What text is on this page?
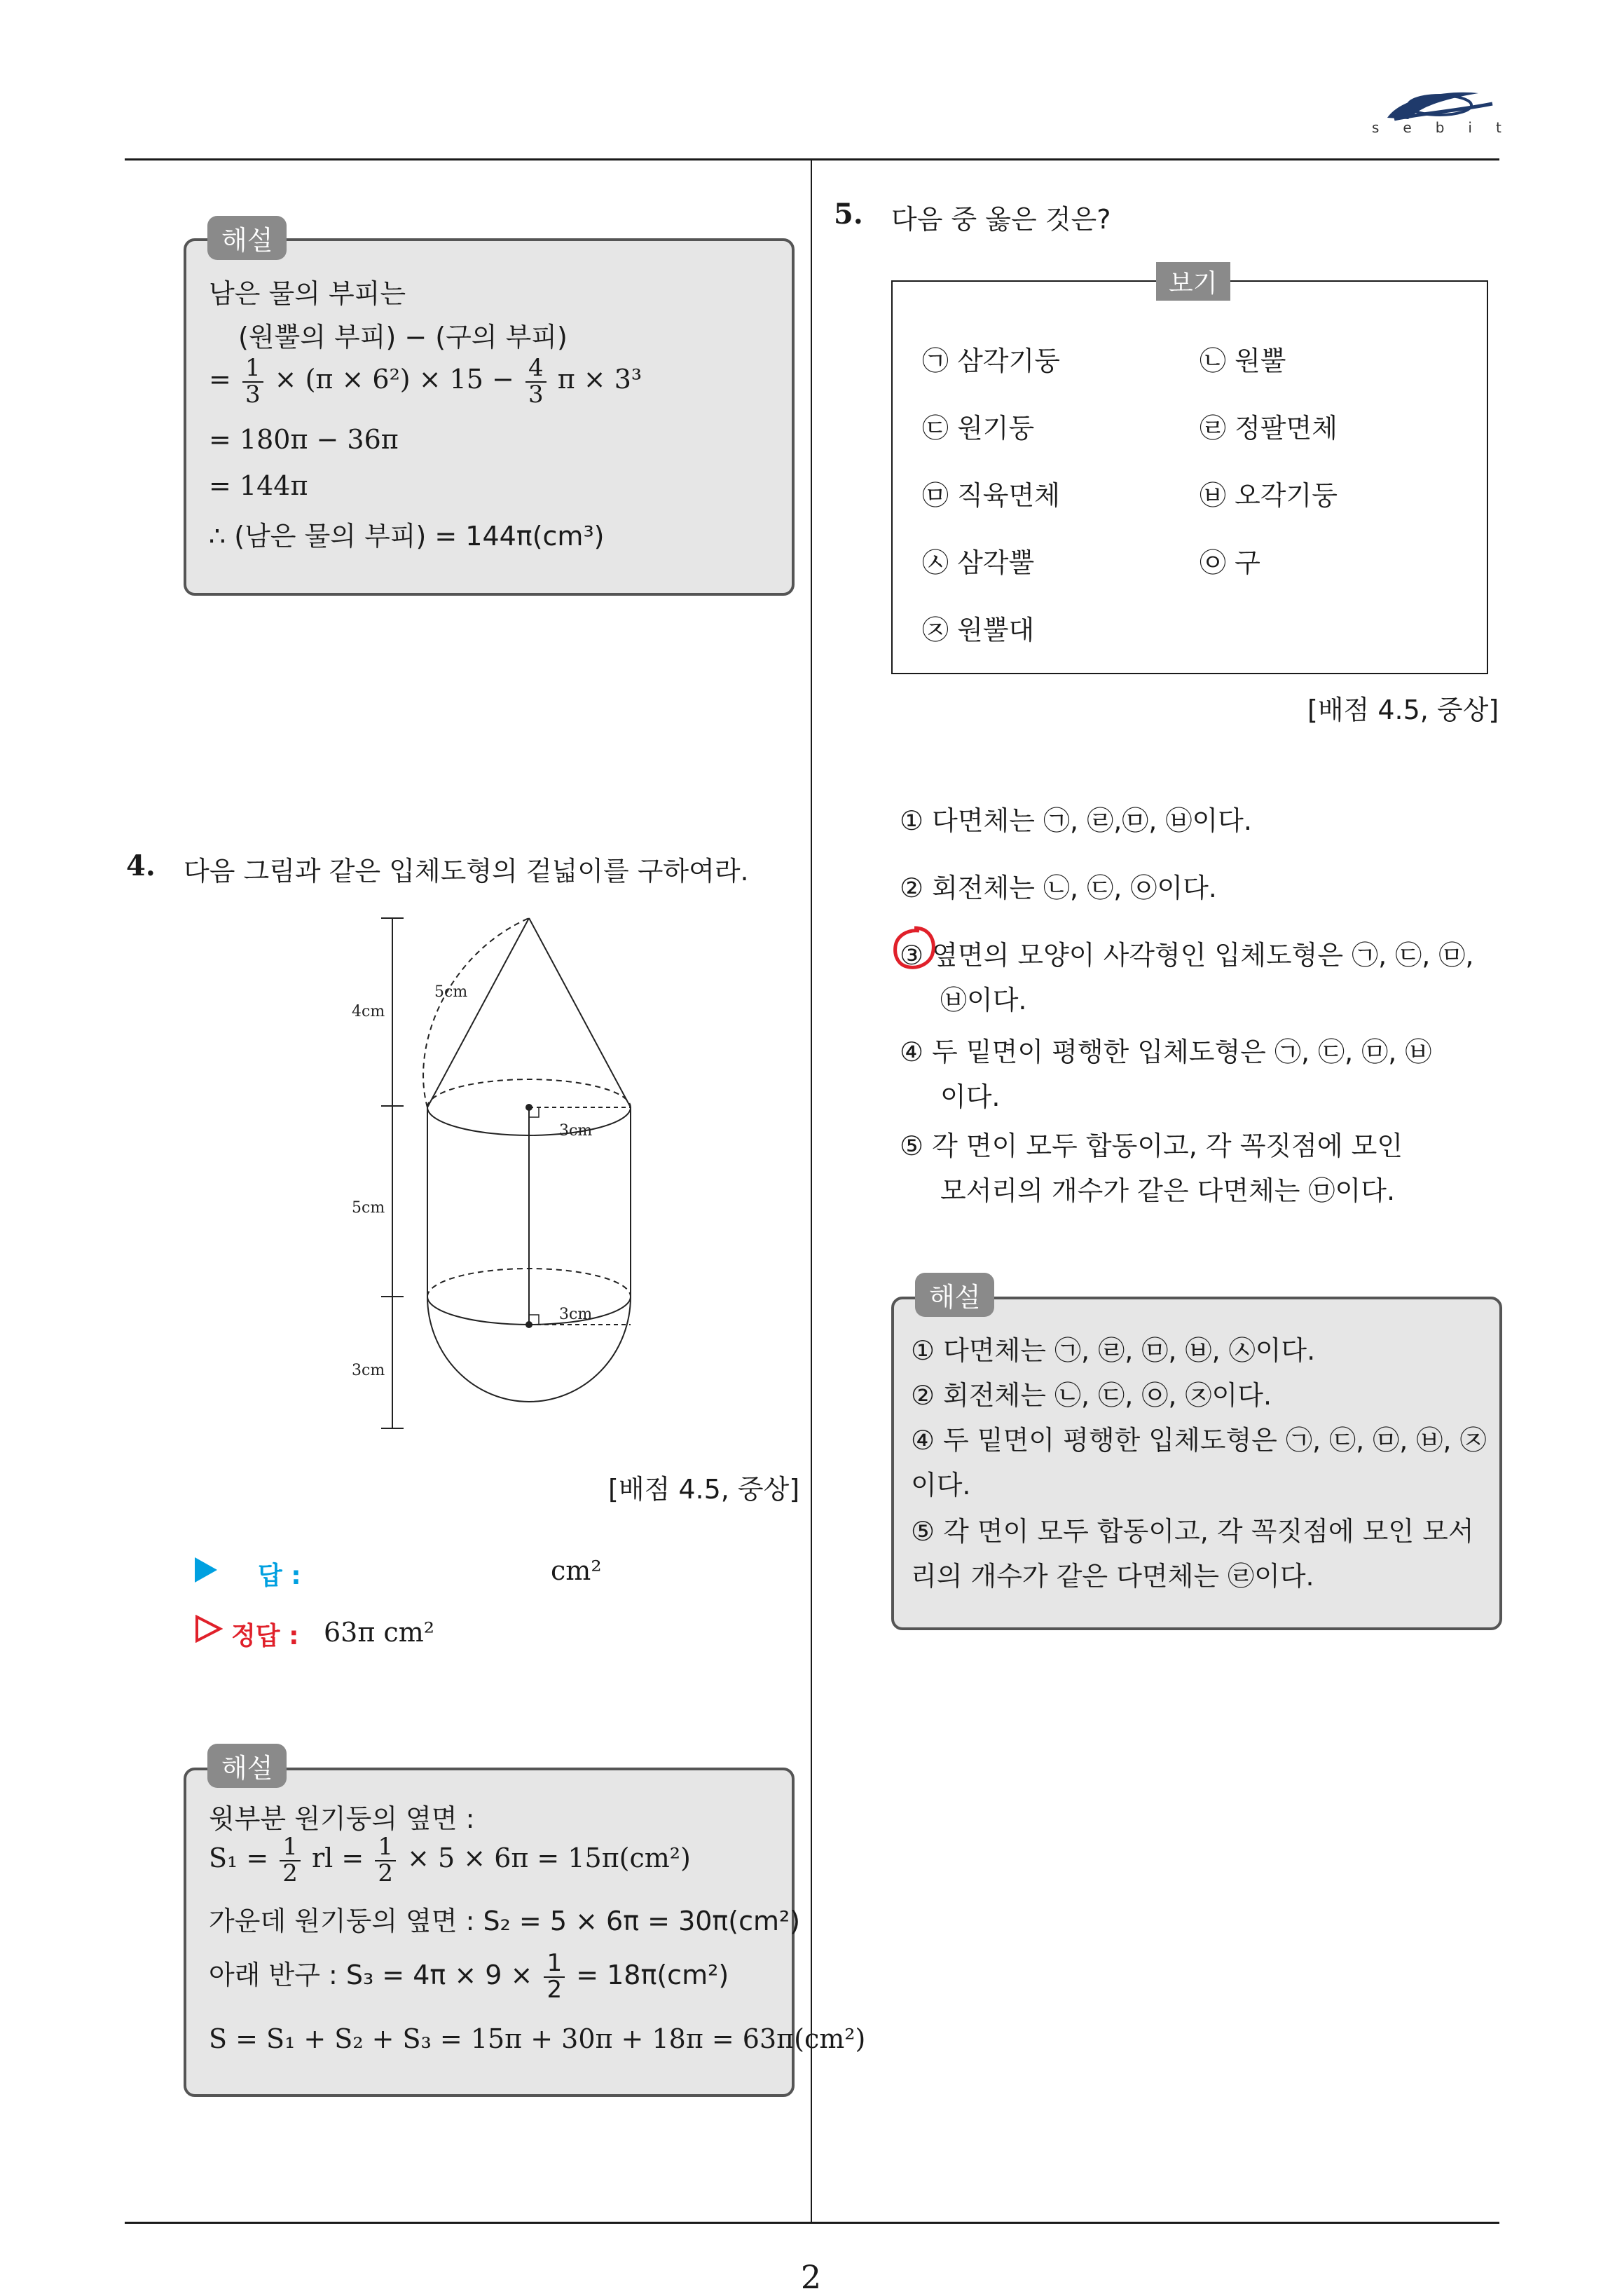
sebit
해설
남은 물의 부피는
(원뿔의 부피) − (구의 부피)
= $\frac{1}{3} \times (\pi \times 6^2) \times 15 - \frac{4}{3}$ π × 3³
= 180π − 36π
= 144π
∴ (남은 물의 부피) = 144π(cm³)
4. 다음 그림과 같은 입체도형의 겉넓이를 구하여라.
4cm
5cm
3cm
5cm
3cm
3cm
[배점 4.5, 중상]
답 :	cm²
정답 : 63π cm²
해설
윗부분 원기둥의 옆면 :
$S_1 = \frac{1}{2}$ rl = $\frac{1}{2} \times 5 \times 6\pi = 15\pi(cm^2)$
가운데 원기둥의 옆면 : S₂ = 5 × 6π = 30π(cm²)
아래 반구 : $S_3 = 4\pi \times 9 \times \frac{1}{2} = 18\pi(cm^2)$
S = S₁ + S₂ + S₃ = 15π + 30π + 18π = 63π(cm²)
5. 다음 중 옳은 것은?
보기
㉠ 삼각기둥	㉡ 원뿔
㉢ 원기둥	㉣ 정팔면체
㉤ 직육면체	㉥ 오각기둥
㉦ 삼각뿔	㉧ 구
㉨ 원뿔대
[배점 4.5, 중상]
① 다면체는 ㉠, ㉣,㉤, ㉥이다.
② 회전체는 ㉡, ㉢, ㉧이다.
③ 옆면의 모양이 사각형인 입체도형은 ㉠, ㉢, ㉤,
㉥이다.
④ 두 밑면이 평행한 입체도형은 ㉠, ㉢, ㉤, ㉥
이다.
⑤ 각 면이 모두 합동이고, 각 꼭짓점에 모인
모서리의 개수가 같은 다면체는 ㉤이다.
해설
① 다면체는 ㉠, ㉣, ㉤, ㉥, ㉦이다.
② 회전체는 ㉡, ㉢, ㉧, ㉨이다.
④ 두 밑면이 평행한 입체도형은 ㉠, ㉢, ㉤, ㉥, ㉨
이다.
⑤ 각 면이 모두 합동이고, 각 꼭짓점에 모인 모서
리의 개수가 같은 다면체는 ㉣이다.
2
